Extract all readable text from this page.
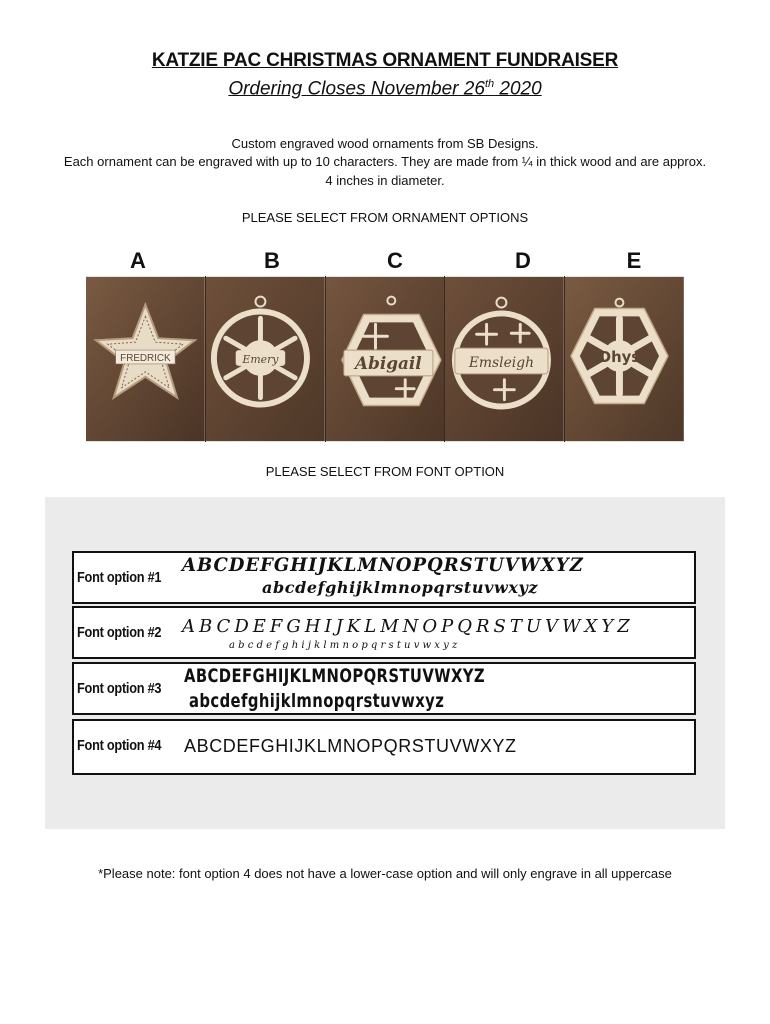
KATZIE PAC CHRISTMAS ORNAMENT FUNDRAISER
Ordering Closes November 26th 2020
Custom engraved wood ornaments from SB Designs.
Each ornament can be engraved with up to 10 characters. They are made from ¼ in thick wood and are approx. 4 inches in diameter.
PLEASE SELECT FROM ORNAMENT OPTIONS
A	B	C	D	E
FREDRICK	Emery	Abigail	Emsleigh	Dhys
PLEASE SELECT FROM FONT OPTION
Font option #1
ABCDEFGHIJKLMNOPQRSTUVWXYZ
abcdefghijklmnopqrstuvwxyz
Font option #2 ABCDEFGHIJKLMNOPQRSTUVWXYZ
abcdefghijklmnopqrstuvwxyz
Font option #3
ABCDEFGHIJKLMNOPQRSTUVWXYZ
abcdefghijklmnopqrstuvwxyz
Font option #4 ABCDEFGHIJKLMNOPQRSTUVWXYZ
*Please note: font option 4 does not have a lower-case option and will only engrave in all uppercase
